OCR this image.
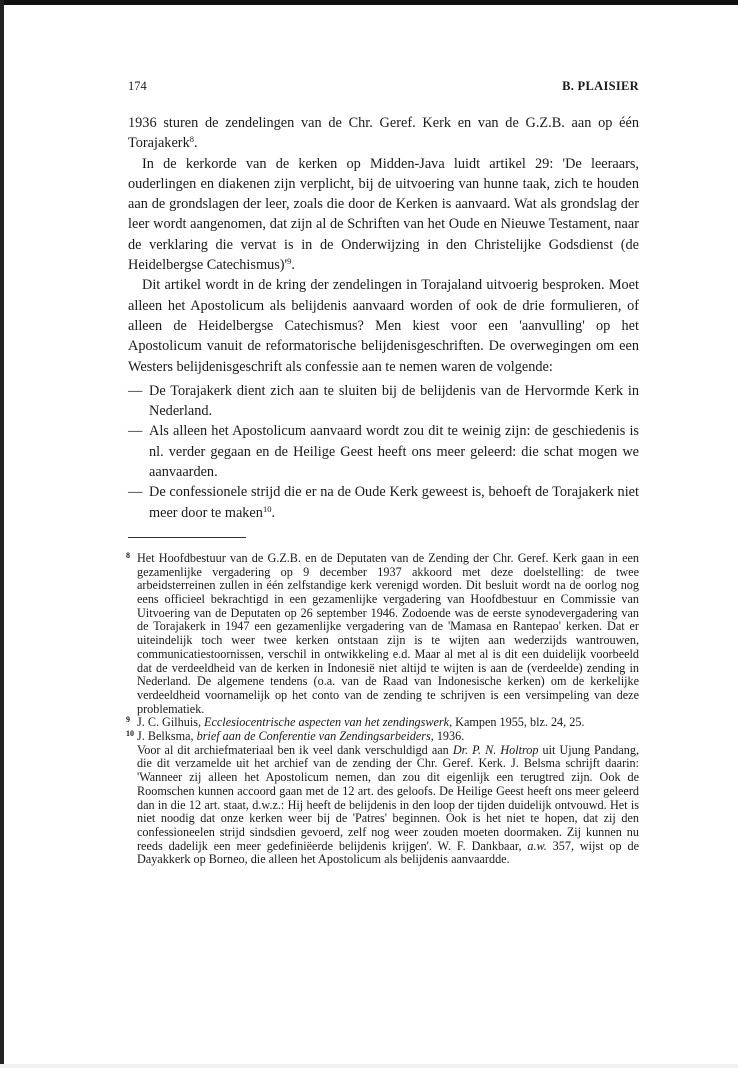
174	B. PLAISIER

1936 sturen de zendelingen van de Chr. Geref. Kerk en van de G.Z.B. aan op één Torajakerk$^8$.

In de kerkorde van de kerken op Midden-Java luidt artikel 29: 'De leeraars, ouderlingen en diakenen zijn verplicht, bij de uitvoering van hunne taak, zich te houden aan de grondslagen der leer, zoals die door de Kerken is aanvaard. Wat als grondslag der leer wordt aangenomen, dat zijn al de Schriften van het Oude en Nieuwe Testament, naar de verklaring die vervat is in de Onderwijzing in den Christelijke Godsdienst (de Heidelbergse $Catechismus)'^9$.

Dit artikel wordt in de kring der zendelingen in Torajaland uitvoerig besproken. Moet alleen het Apostolicum als belijdenis aanvaard worden of ook de drie formulieren, of alleen de Heidelbergse Catechismus? Men kiest voor een 'aanvulling' op het Apostolicum vanuit de reformatorische belijdenisgeschriften. De overwegingen om een Westers belijdenisgeschrift als confessie aan te nemen waren de volgende:

— De Torajakerk dient zich aan te sluiten bij de belijdenis van de Hervormde Kerk in Nederland.
— Als alleen het Apostolicum aanvaard wordt zou dit te weinig zijn: de geschiedenis is nl. verder gegaan en de Heilige Geest heeft ons meer geleerd: die schat mogen we aanvaarden.
— De confessionele strijd die er na de Oude Kerk geweest is, behoeft de Torajakerk niet meer door te maken$^{10}$.

8 Het Hoofdbestuur van de G.Z.B. en de Deputaten van de Zending der Chr. Geref. Kerk gaan in een gezamenlijke vergadering op 9 december 1937 akkoord met deze doelstelling: de twee arbeidsterreinen zullen in één zelfstandige kerk verenigd worden. Dit besluit wordt na de oorlog nog eens officieel bekrachtigd in een gezamenlijke vergadering van Hoofdbestuur en Commissie van Uitvoering van de Deputaten op 26 september 1946. Zodoende was de eerste synodevergadering van de Torajakerk in 1947 een gezamenlijke vergadering van de 'Mamasa en Rantepao' kerken. Dat er uiteindelijk toch weer twee kerken ontstaan zijn is te wijten aan wederzijds wantrouwen, communicatiestoornissen, verschil in ontwikkeling e.d. Maar al met al is dit een duidelijk voorbeeld dat de verdeeldheid van de kerken in Indonesië niet altijd te wijten is aan de (verdeelde) zending in Nederland. De algemene tendens (o.a. van de Raad van Indonesische kerken) om de kerkelijke verdeeldheid voornamelijk op het conto van de zending te schrijven is een versimpeling van deze problematiek.

9 J. C. Gilhuis, Ecclesiocentrische aspecten van het zendingswerk, Kampen 1955, blz. 24, 25.

10 J. Belksma, brief aan de Conferentie van Zendingsarbeiders, 1936.

Voor al dit archiefmateriaal ben ik veel dank verschuldigd aan Dr. P. N. Holtrop uit Ujung Pandang, die dit verzamelde uit het archief van de zending der Chr. Geref. Kerk. J. Belsma schrijft daarin: 'Wanneer zij alleen het Apostolicum nemen, dan zou dit eigenlijk een terugtred zijn. Ook de Roomschen kunnen accoord gaan met de 12 art. des geloofs. De Heilige Geest heeft ons meer geleerd dan in die 12 art. staat, d.w.z.: Hij heeft de belijdenis in den loop der tijden duidelijk ontvouwd. Het is niet noodig dat onze kerken weer bij de 'Patres' beginnen. Ook is het niet te hopen, dat zij den confessioneelen strijd sindsdien gevoerd, zelf nog weer zouden moeten doormaken. Zij kunnen nu reeds dadelijk een meer gedefiniëerde belijdenis krijgen'. W. F. Dankbaar, a.w. 357, wijst op de Dayakkerk op Borneo, die alleen het Apostolicum als belijdenis aanvaardde.
